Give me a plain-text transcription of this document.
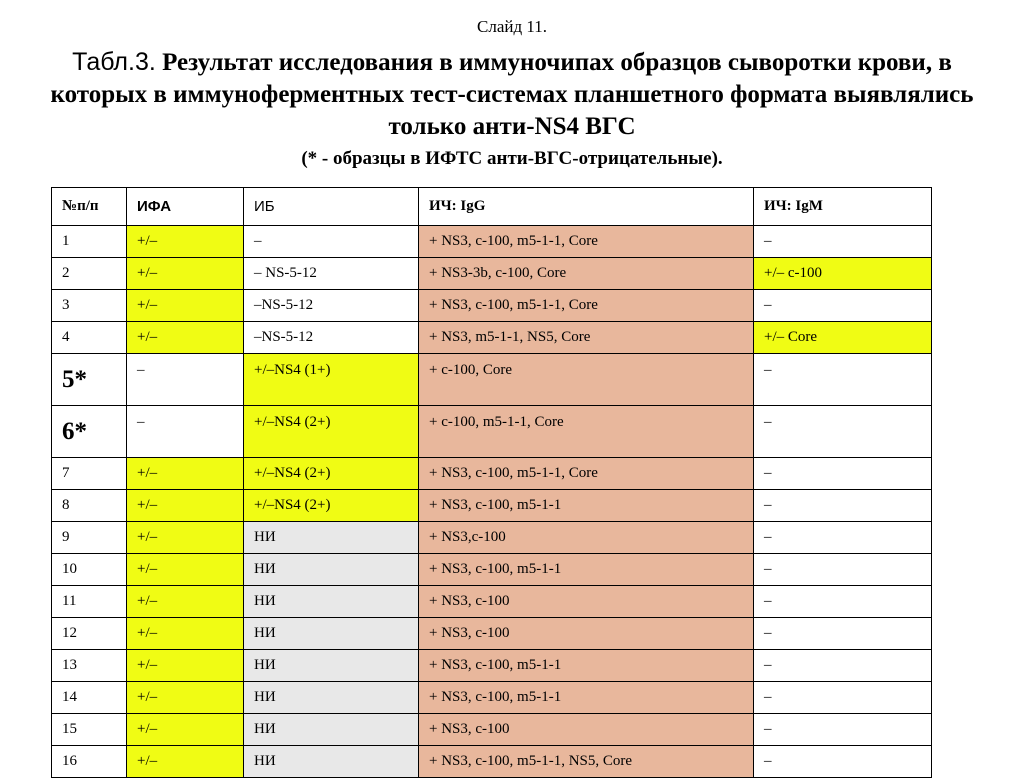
Слайд 11.
Табл.3. Результат исследования в иммуночипах образцов сыворотки крови, в которых в иммуноферментных тест-системах планшетного формата выявлялись только анти-NS4 ВГС
(* - образцы в ИФТС анти-ВГС-отрицательные).
№п/п	ИФА	ИБ	ИЧ: IgG	ИЧ: IgM
1	+/–	–	+ NS3, c-100, m5-1-1, Core	–
2	+/–	– NS-5-12	+ NS3-3b, c-100, Core	+/– c-100
3	+/–	–NS-5-12	+ NS3, c-100, m5-1-1, Core	–
4	+/–	–NS-5-12	+ NS3, m5-1-1, NS5, Core	+/– Core
5*	–	+/–NS4 (1+)	+ c-100, Core	–
6*	–	+/–NS4 (2+)	+ c-100, m5-1-1, Core	–
7	+/–	+/–NS4 (2+)	+ NS3, c-100, m5-1-1, Core	–
8	+/–	+/–NS4 (2+)	+ NS3, c-100, m5-1-1	–
9	+/–	НИ	+ NS3,c-100	–
10	+/–	НИ	+ NS3, c-100, m5-1-1	–
11	+/–	НИ	+ NS3, c-100	–
12	+/–	НИ	+ NS3, c-100	–
13	+/–	НИ	+ NS3, c-100, m5-1-1	–
14	+/–	НИ	+ NS3, c-100, m5-1-1	–
15	+/–	НИ	+ NS3, c-100	–
16	+/–	НИ	+ NS3, c-100, m5-1-1, NS5, Core	–
